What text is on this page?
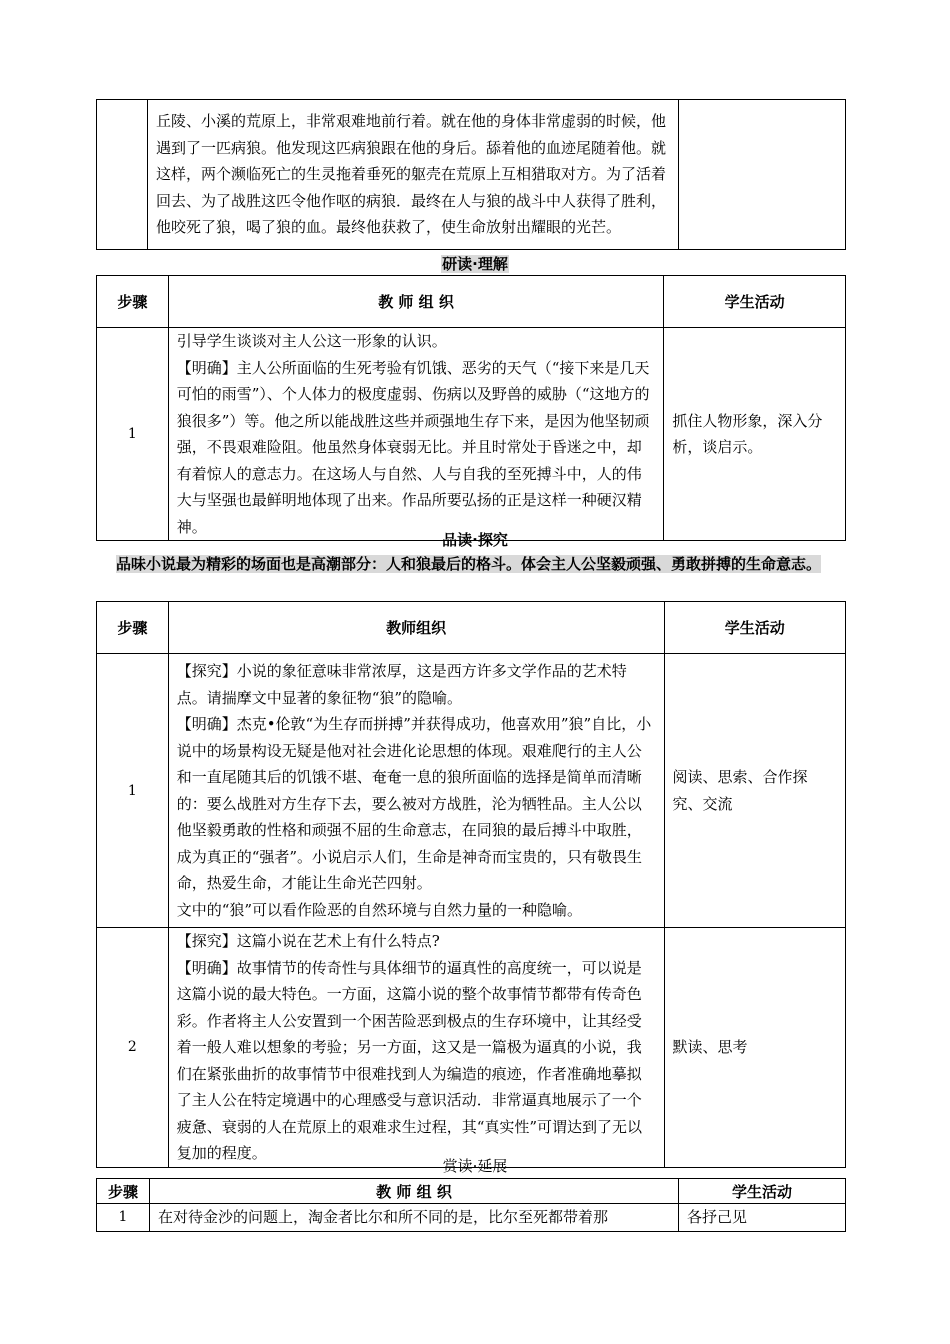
丘陵、小溪的荒原上，非常艰难地前行着。就在他的身体非常虚弱的时候，他遇到了一匹病狼。他发现这匹病狼跟在他的身后。舔着他的血迹尾随着他。就这样，两个濒临死亡的生灵拖着垂死的躯壳在荒原上互相猎取对方。为了活着回去、为了战胜这匹令他作呕的病狼．最终在人与狼的战斗中人获得了胜利，他咬死了狼，喝了狼的血。最终他获救了，使生命放射出耀眼的光芒。

研读·理解
步骤	教 师 组 织	学生活动
1	引导学生谈谈对主人公这一形象的认识。
【明确】主人公所面临的生死考验有饥饿、恶劣的天气（“接下来是几天可怕的雨雪”）、个人体力的极度虚弱、伤病以及野兽的威胁（“这地方的狼很多”）等。他之所以能战胜这些并顽强地生存下来，是因为他坚韧顽强，不畏艰难险阻。他虽然身体衰弱无比。并且时常处于昏迷之中，却有着惊人的意志力。在这场人与自然、人与自我的至死搏斗中，人的伟大与坚强也最鲜明地体现了出来。作品所要弘扬的正是这样一种硬汉精神。	抓住人物形象，深入分析，谈启示。
品读·探究
品味小说最为精彩的场面也是高潮部分：人和狼最后的格斗。体会主人公坚毅顽强、勇敢拼搏的生命意志。
步骤	教师组织	学生活动
1	【探究】小说的象征意味非常浓厚，这是西方许多文学作品的艺术特点。请揣摩文中显著的象征物“狼”的隐喻。
【明确】杰克•伦敦“为生存而拼搏”并获得成功，他喜欢用”狼”自比，小说中的场景构设无疑是他对社会进化论思想的体现。艰难爬行的主人公和一直尾随其后的饥饿不堪、奄奄一息的狼所面临的选择是简单而清晰的：要么战胜对方生存下去，要么被对方战胜，沦为牺牲品。主人公以他坚毅勇敢的性格和顽强不屈的生命意志，在同狼的最后搏斗中取胜，成为真正的“强者”。小说启示人们，生命是神奇而宝贵的，只有敬畏生命，热爱生命，才能让生命光芒四射。
文中的“狼”可以看作险恶的自然环境与自然力量的一种隐喻。	阅读、思索、合作探究、交流

2	【探究】这篇小说在艺术上有什么特点?
【明确】故事情节的传奇性与具体细节的逼真性的高度统一，可以说是这篇小说的最大特色。一方面，这篇小说的整个故事情节都带有传奇色彩。作者将主人公安置到一个困苦险恶到极点的生存环境中，让其经受着一般人难以想象的考验；另一方面，这又是一篇极为逼真的小说，我们在紧张曲折的故事情节中很难找到人为编造的痕迹，作者准确地摹拟了主人公在特定境遇中的心理感受与意识活动．非常逼真地展示了一个疲惫、衰弱的人在荒原上的艰难求生过程，其“真实性”可谓达到了无以复加的程度。	默读、思考
赏读·延展
步骤	教 师 组 织	学生活动
1	在对待金沙的问题上，淘金者比尔和所不同的是，比尔至死都带着那	各抒己见
